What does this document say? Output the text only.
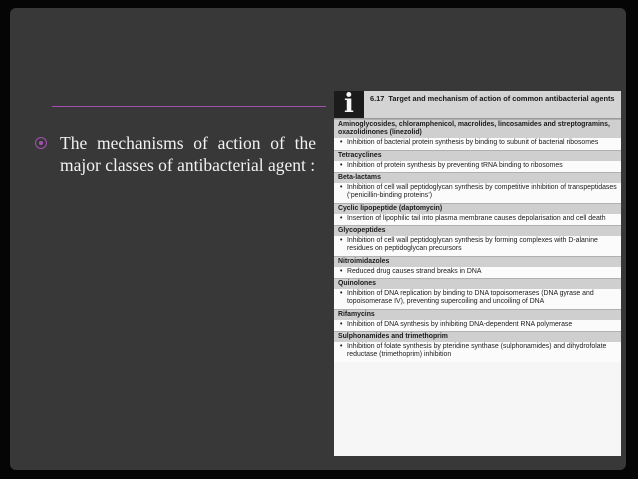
The mechanisms of action of the major classes of antibacterial agent :
i	6.17 Target and mechanism of action of common antibacterial agents
Aminoglycosides, chloramphenicol, macrolides, lincosamides and streptogramins, oxazolidinones (linezolid)
• Inhibition of bacterial protein synthesis by binding to subunit of bacterial ribosomes
Tetracyclines
• Inhibition of protein synthesis by preventing tRNA binding to ribosomes
Beta-lactams
• Inhibition of cell wall peptidoglycan synthesis by competitive inhibition of transpeptidases (‘penicillin-binding proteins’)
Cyclic lipopeptide (daptomycin)
• Insertion of lipophilic tail into plasma membrane causes depolarisation and cell death
Glycopeptides
• Inhibition of cell wall peptidoglycan synthesis by forming complexes with D-alanine residues on peptidoglycan precursors
Nitroimidazoles
• Reduced drug causes strand breaks in DNA
Quinolones
• Inhibition of DNA replication by binding to DNA topoisomerases (DNA gyrase and topoisomerase IV), preventing supercoiling and uncoiling of DNA
Rifamycins
• Inhibition of DNA synthesis by inhibiting DNA-dependent RNA polymerase
Sulphonamides and trimethoprim
• Inhibition of folate synthesis by pteridine synthase (sulphonamides) and dihydrofolate reductase (trimethoprim) inhibition
